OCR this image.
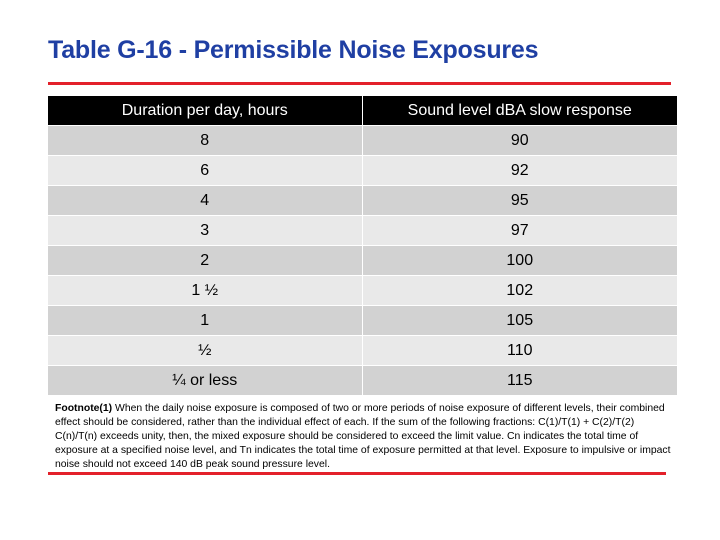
Table G-16 - Permissible Noise Exposures
Duration per day, hours	Sound level dBA slow response
8	90
6	92
4	95
3	97
2	100
1 ½	102
1	105
½	110
¼ or less	115
Footnote(1) When the daily noise exposure is composed of two or more periods of noise exposure of different levels, their combined effect should be considered, rather than the individual effect of each. If the sum of the following fractions: C(1)/T(1) + C(2)/T(2) C(n)/T(n) exceeds unity, then, the mixed exposure should be considered to exceed the limit value. Cn indicates the total time of exposure at a specified noise level, and Tn indicates the total time of exposure permitted at that level. Exposure to impulsive or impact noise should not exceed 140 dB peak sound pressure level.
